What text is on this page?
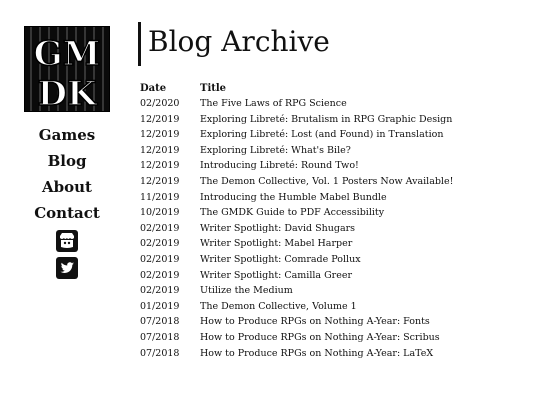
GM
DK
Games
Blog
About
Contact
Blog Archive
Date	Title
02/2020	The Five Laws of RPG Science
12/2019	Exploring Libreté: Brutalism in RPG Graphic Design
12/2019	Exploring Libreté: Lost (and Found) in Translation
12/2019	Exploring Libreté: What's Bile?
12/2019	Introducing Libreté: Round Two!
12/2019	The Demon Collective, Vol. 1 Posters Now Available!
11/2019	Introducing the Humble Mabel Bundle
10/2019	The GMDK Guide to PDF Accessibility
02/2019	Writer Spotlight: David Shugars
02/2019	Writer Spotlight: Mabel Harper
02/2019	Writer Spotlight: Comrade Pollux
02/2019	Writer Spotlight: Camilla Greer
02/2019	Utilize the Medium
01/2019	The Demon Collective, Volume 1
07/2018	How to Produce RPGs on Nothing A-Year: Fonts
07/2018	How to Produce RPGs on Nothing A-Year: Scribus
07/2018	How to Produce RPGs on Nothing A-Year: LaTeX
